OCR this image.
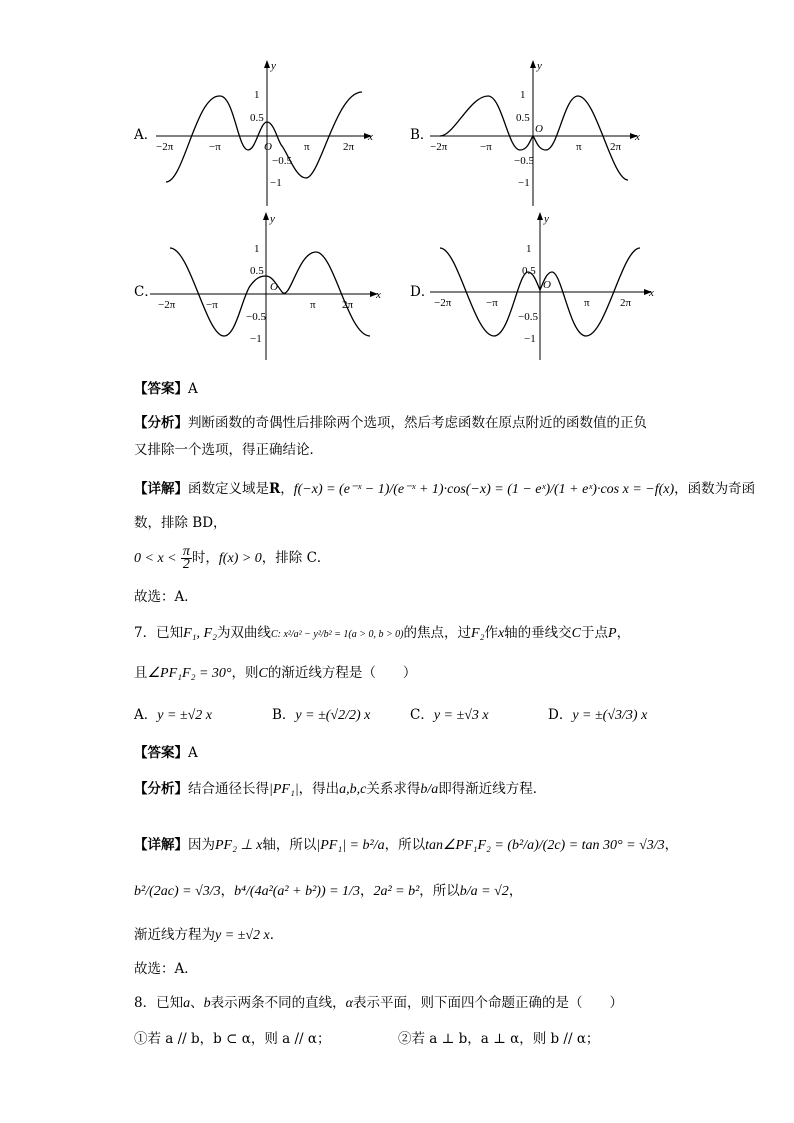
A．
y
x
O
−2π	−π	π	2π
1
0.5
−0.5
−1
B．
y
x
O
−2π	−π	π	2π
1
0.5
−0.5
−1
C．
y
x
O
−2π	−π	π 2π
1
0.5
−0.5
−1
D．
y
x
O
−2π	−π	π	2π
1
0.5
−0.5
−1
【答案】A
【分析】判断函数的奇偶性后排除两个选项，然后考虑函数在原点附近的函数值的正负
又排除一个选项，得正确结论．
【详解】函数定义域是R，f(−x) = (e⁻ˣ − 1)/(e⁻ˣ + 1)·cos(−x) = (1 − eˣ)/(1 + eˣ)·cos x = −f(x)，函数为奇函
数，排除 BD，
$0 < x < \frac{\pi}{2}$ 时，f(x) > 0，排除 C．
故选：A．
7．已知F₁, F₂为双曲线C: x²/a² − y²/b² = 1(a > 0, b > 0)的焦点，过F₂作x轴的垂线交C于点P，
且∠PF₁F₂ = 30°，则C的渐近线方程是（　　）
A．y = ±√2 x	B．y = ±(√2/2) x	C．y = ±√3 x	D．y = ±(√3/3) x
【答案】A
【分析】结合通径长得|PF₁|，得出a,b,c关系求得b/a即得渐近线方程．
【详解】因为PF₂ ⊥ x轴，所以|PF₁| = b²/a，所以tan∠PF₁F₂ = (b²/a)/(2c) = tan 30° = √3/3，
b²/(2ac) = √3/3，b⁴/(4a²(a² + b²)) = 1/3，2a² = b²，所以b/a = √2，
渐近线方程为y = ±√2 x．
故选：A．
8．已知a、b表示两条不同的直线，α表示平面，则下面四个命题正确的是（　　）
①若 a // b，b ⊂ α，则 a // α；	②若 a ⊥ b，a ⊥ α，则 b // α；
